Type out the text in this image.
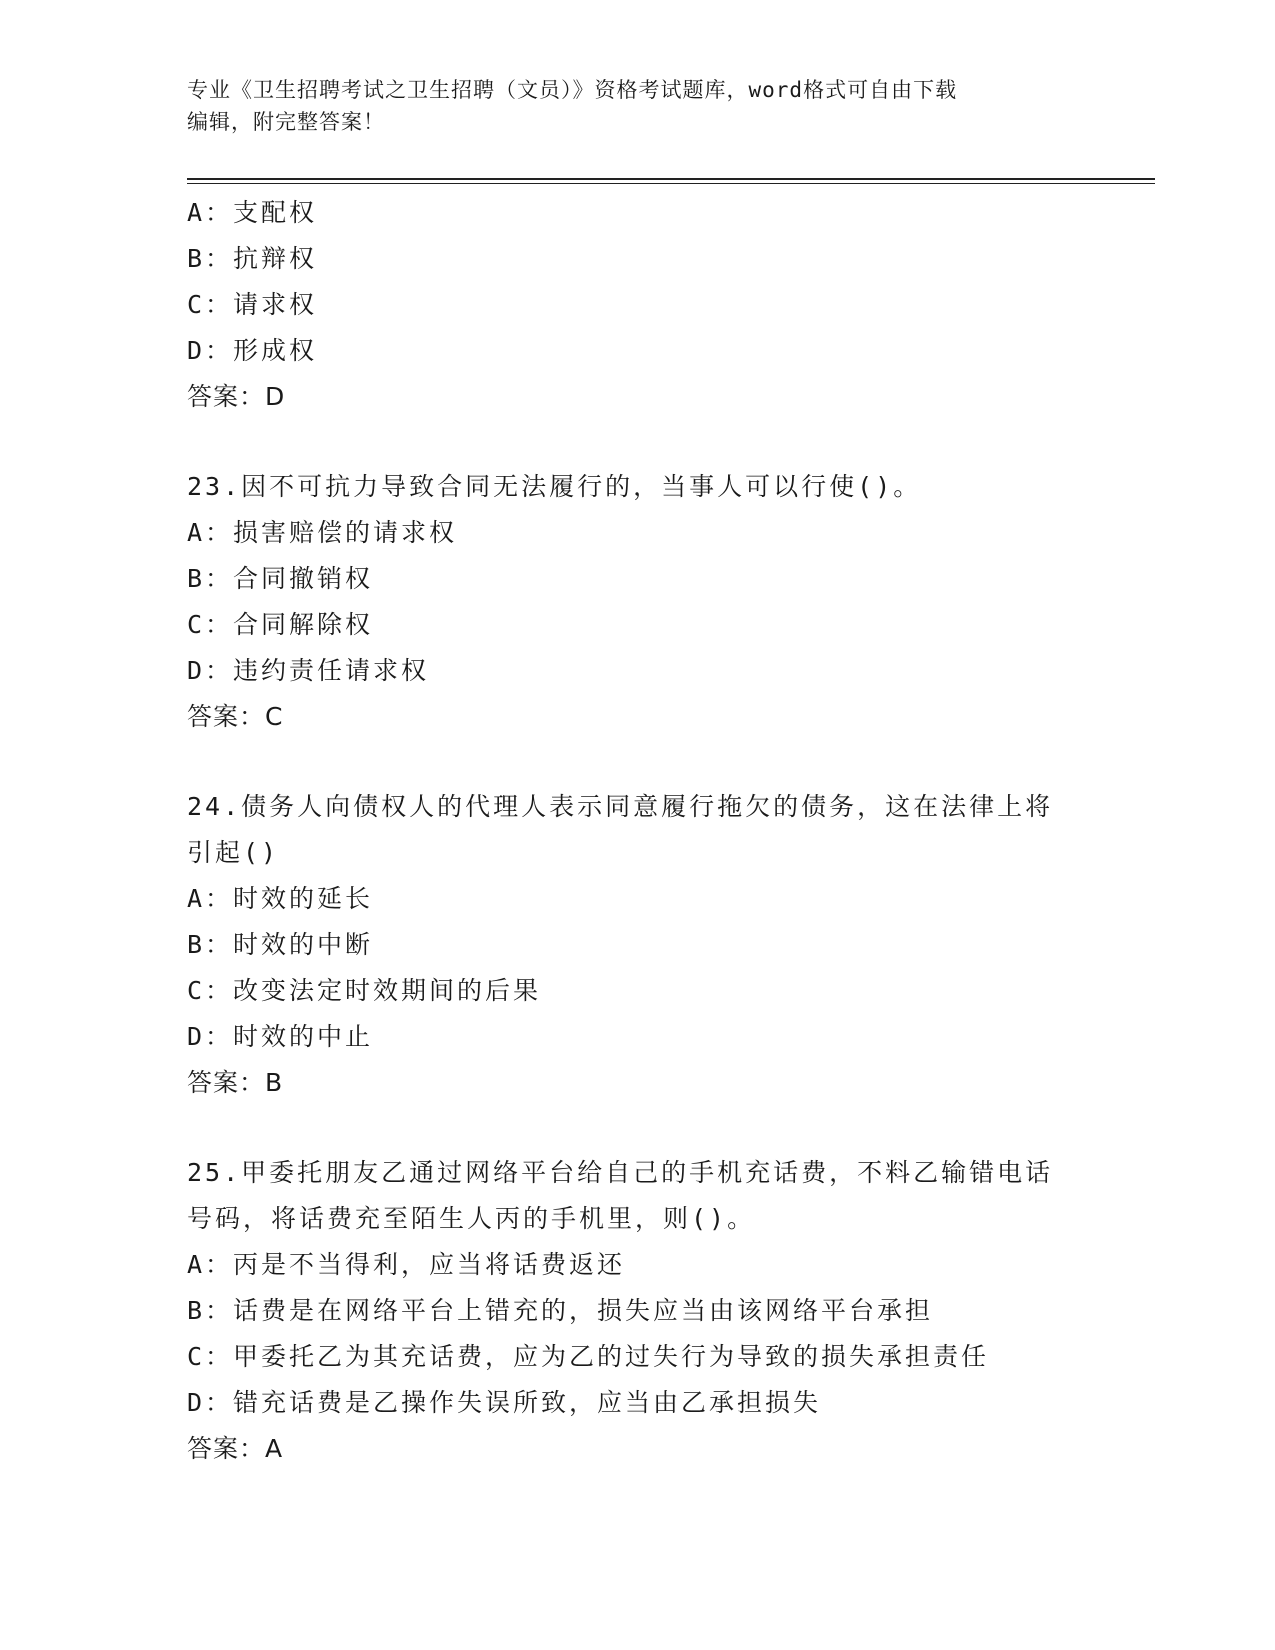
专业《卫生招聘考试之卫生招聘（文员）》资格考试题库，word格式可自由下载
编辑，附完整答案！
A：支配权
B：抗辩权
C：请求权
D：形成权
答案：D
23.因不可抗力导致合同无法履行的，当事人可以行使()。
A：损害赔偿的请求权
B：合同撤销权
C：合同解除权
D：违约责任请求权
答案：C
24.债务人向债权人的代理人表示同意履行拖欠的债务，这在法律上将
引起()
A：时效的延长
B：时效的中断
C：改变法定时效期间的后果
D：时效的中止
答案：B
25.甲委托朋友乙通过网络平台给自己的手机充话费，不料乙输错电话
号码，将话费充至陌生人丙的手机里，则()。
A：丙是不当得利，应当将话费返还
B：话费是在网络平台上错充的，损失应当由该网络平台承担
C：甲委托乙为其充话费，应为乙的过失行为导致的损失承担责任
D：错充话费是乙操作失误所致，应当由乙承担损失
答案：A
